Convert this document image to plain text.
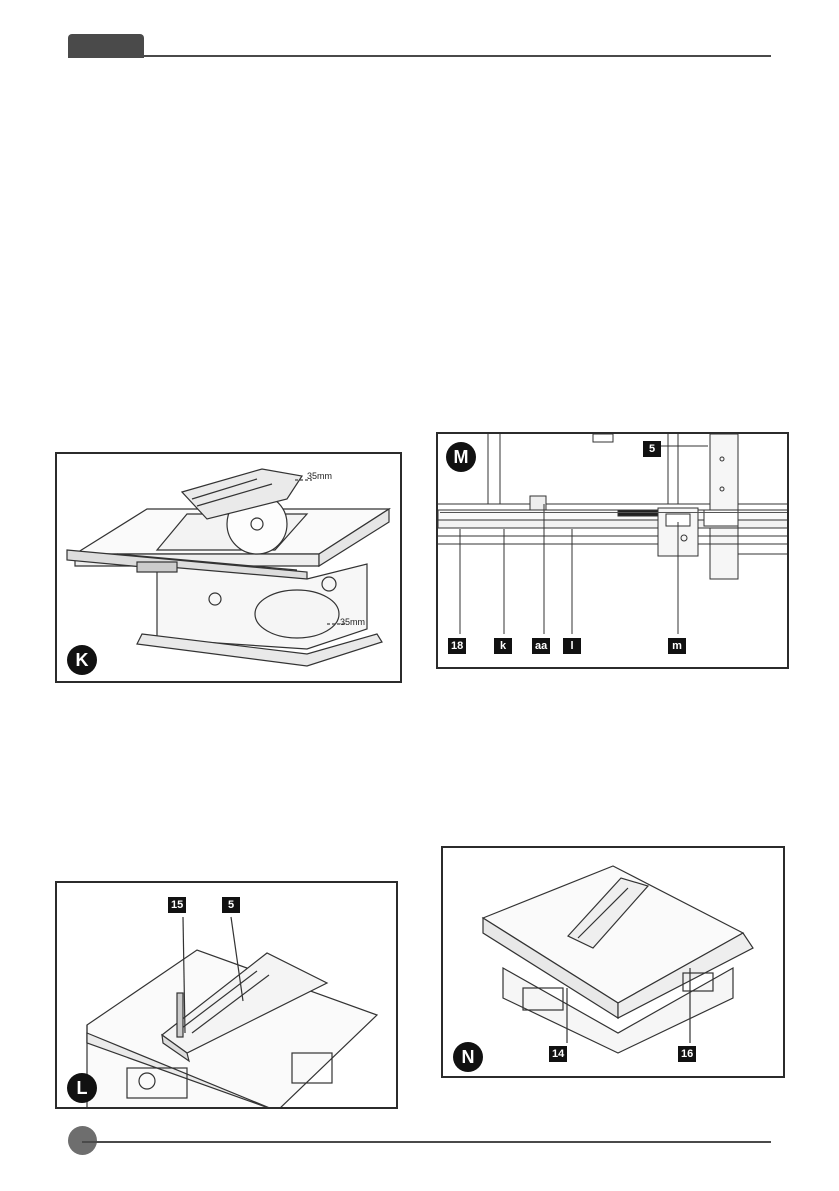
35mm
35mm
K
M	5
18	k	aa	l	m
15	5
L
14	16
N
